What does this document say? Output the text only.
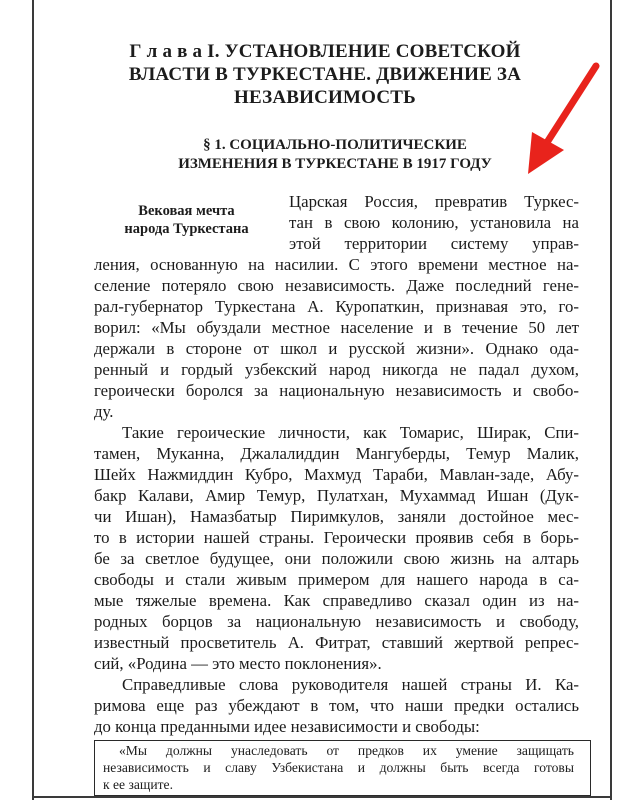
Г л а в а I. УСТАНОВЛЕНИЕ СОВЕТСКОЙ
ВЛАСТИ В ТУРКЕСТАНЕ. ДВИЖЕНИЕ ЗА
НЕЗАВИСИМОСТЬ
§ 1. СОЦИАЛЬНО-ПОЛИТИЧЕСКИЕ
ИЗМЕНЕНИЯ В ТУРКЕСТАНЕ В 1917 ГОДУ
Вековая мечта
народа Туркестана
Царская Россия, превратив Туркес-
тан в свою колонию, установила на
этой территории систему управ-
ления, основанную на насилии. С этого времени местное на-
селение потеряло свою независимость. Даже последний гене-
рал-губернатор Туркестана А. Куропаткин, признавая это, го-
ворил: «Мы обуздали местное население и в течение 50 лет
держали в стороне от школ и русской жизни». Однако ода-
ренный и гордый узбекский народ никогда не падал духом,
героически боролся за национальную независимость и свобо-
ду.
Такие героические личности, как Томарис, Ширак, Спи-
тамен, Муканна, Джалалиддин Мангуберды, Темур Малик,
Шейх Нажмиддин Кубро, Махмуд Тараби, Мавлан-заде, Абу-
бакр Калави, Амир Темур, Пулатхан, Мухаммад Ишан (Дук-
чи Ишан), Намазбатыр Пиримкулов, заняли достойное мес-
то в истории нашей страны. Героически проявив себя в борь-
бе за светлое будущее, они положили свою жизнь на алтарь
свободы и стали живым примером для нашего народа в са-
мые тяжелые времена. Как справедливо сказал один из на-
родных борцов за национальную независимость и свободу,
известный просветитель А. Фитрат, ставший жертвой репрес-
сий, «Родина — это место поклонения».
Справедливые слова руководителя нашей страны И. Ка-
римова еще раз убеждают в том, что наши предки остались
до конца преданными идее независимости и свободы:
«Мы должны унаследовать от предков их умение защищать
независимость и славу Узбекистана и должны быть всегда готовы
к ее защите.
